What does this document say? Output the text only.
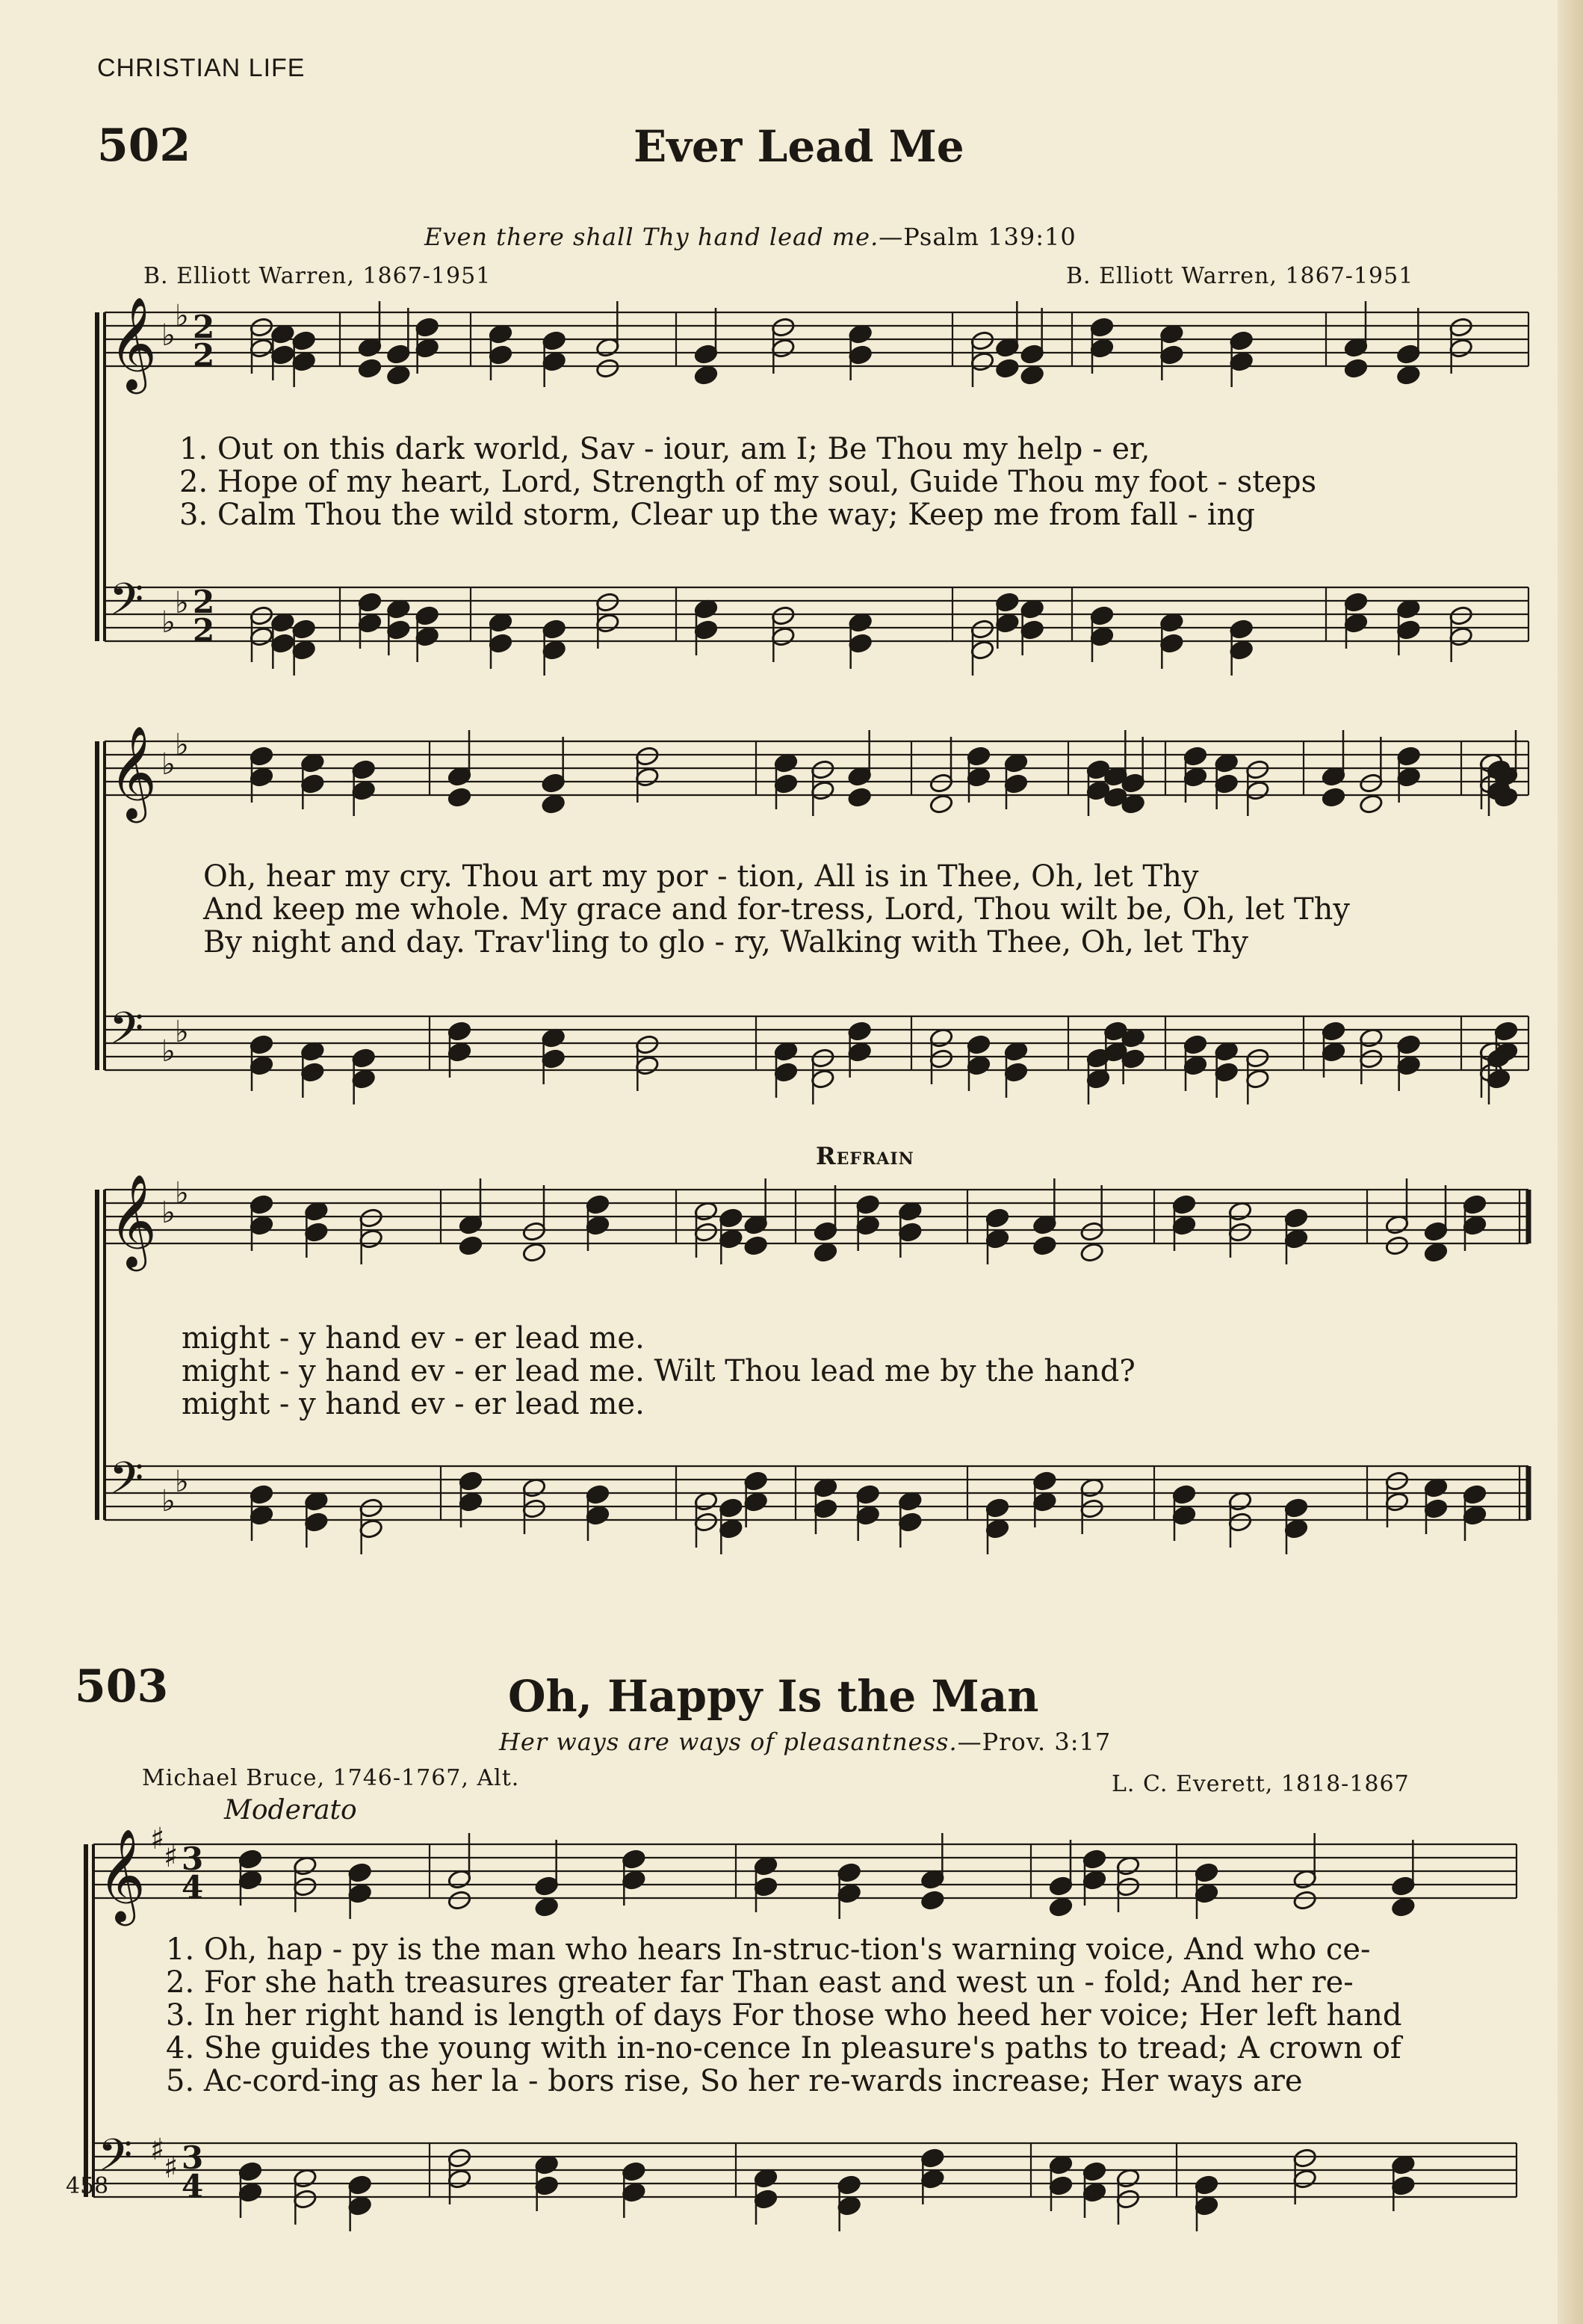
𝄞 ♭
♭ 2
2
𝄢 ♭
♭ 2
2
𝄞 ♭
♭
𝄢 ♭
♭
𝄞 ♭
♭
𝄢 ♭
♭
𝄞 ♯
♯ 3
4
𝄢 ♯
♯ 3
4
CHRISTIAN LIFE
502	Ever Lead Me
Even there shall Thy hand lead me.—Psalm 139:10
B. Elliott Warren, 1867-1951	B. Elliott Warren, 1867-1951
1. Out on this dark world, Sav - iour, am I; Be Thou my help - er,
2. Hope of my heart, Lord, Strength of my soul, Guide Thou my foot - steps
3. Calm Thou the wild storm, Clear up the way; Keep me from fall - ing
Oh, hear my cry. Thou art my por - tion, All is in Thee, Oh, let Thy
And keep me whole. My grace and for-tress, Lord, Thou wilt be, Oh, let Thy
By night and day. Trav'ling to glo - ry, Walking with Thee, Oh, let Thy
Refrain
might - y hand ev - er lead me.
might - y hand ev - er lead me. Wilt Thou lead me by the hand?
might - y hand ev - er lead me.
503	Oh, Happy Is the Man
Her ways are ways of pleasantness.—Prov. 3:17
Michael Bruce, 1746-1767, Alt.	L. C. Everett, 1818-1867
Moderato
1. Oh, hap - py is the man who hears In-struc-tion's warning voice, And who ce-
2. For she hath treasures greater far Than east and west un - fold; And her re-
3. In her right hand is length of days For those who heed her voice; Her left hand
4. She guides the young with in-no-cence In pleasure's paths to tread; A crown of
5. Ac-cord-ing as her la - bors rise, So her re-wards increase; Her ways are
458
